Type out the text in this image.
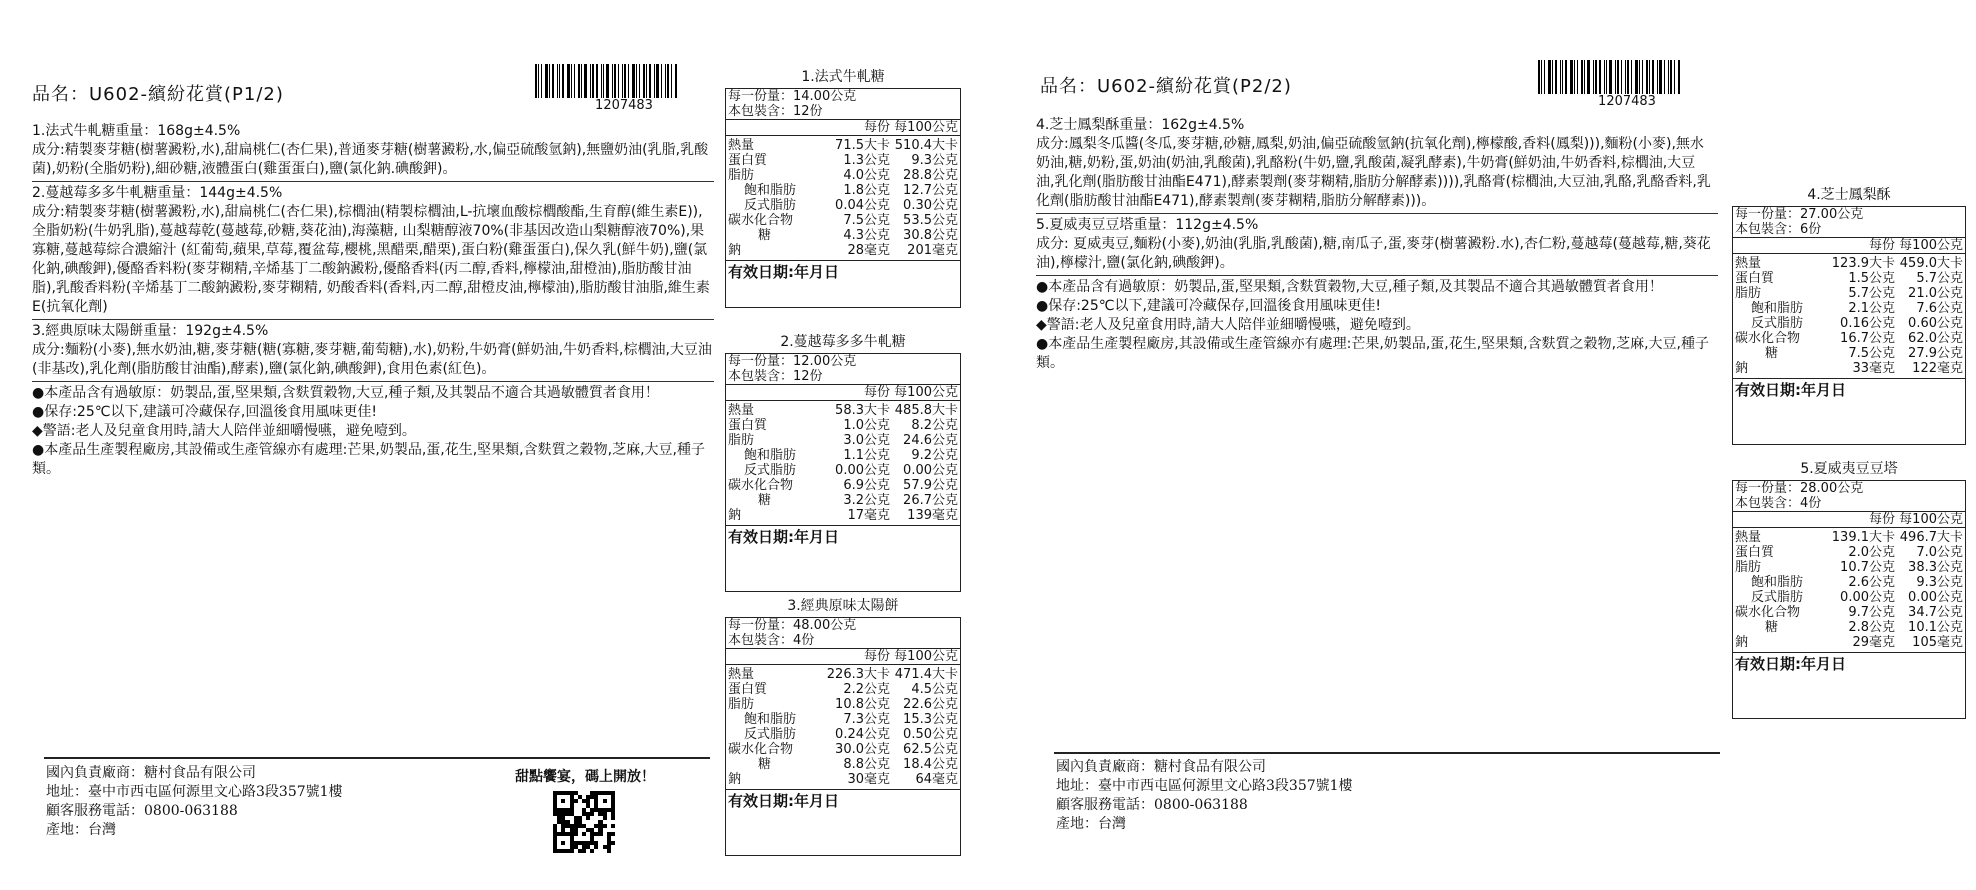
品名：U602-繽紛花賞(P1/2)
1207483
1.法式牛軋糖重量：168g±4.5%
成分:精製麥芽糖(樹薯澱粉,水),甜扁桃仁(杏仁果),普通麥芽糖(樹薯澱粉,水,偏亞硫酸氫鈉),無鹽奶油(乳脂,乳酸菌),奶粉(全脂奶粉),細砂糖,液體蛋白(雞蛋蛋白),鹽(氯化鈉.碘酸鉀)。
2.蔓越莓多多牛軋糖重量：144g±4.5%
成分:精製麥芽糖(樹薯澱粉,水),甜扁桃仁(杏仁果),棕櫚油(精製棕櫚油,L-抗壞血酸棕櫚酸酯,生育醇(維生素E)),全脂奶粉(牛奶乳脂),蔓越莓乾(蔓越莓,砂糖,葵花油),海藻糖, 山梨糖醇液70%(非基因改造山梨糖醇液70%),果寡糖,蔓越莓綜合濃縮汁 (紅葡萄,蘋果,草莓,覆盆莓,櫻桃,黑醋栗,醋栗),蛋白粉(雞蛋蛋白),保久乳(鮮牛奶),鹽(氯化鈉,碘酸鉀),優酪香料粉(麥芽糊精,辛烯基丁二酸鈉澱粉,優酪香料(丙二醇,香料,檸檬油,甜橙油),脂肪酸甘油脂),乳酸香料粉(辛烯基丁二酸鈉澱粉,麥芽糊精, 奶酸香料(香料,丙二醇,甜橙皮油,檸檬油),脂肪酸甘油脂,維生素E(抗氧化劑)
3.經典原味太陽餅重量：192g±4.5%
成分:麵粉(小麥),無水奶油,糖,麥芽糖(糖(寡糖,麥芽糖,葡萄糖),水),奶粉,牛奶膏(鮮奶油,牛奶香料,棕櫚油,大豆油(非基改),乳化劑(脂肪酸甘油酯),酵素),鹽(氯化鈉,碘酸鉀),食用色素(紅色)。
●本產品含有過敏原：奶製品,蛋,堅果類,含麩質穀物,大豆,種子類,及其製品不適合其過敏體質者食用！
●保存:25℃以下,建議可冷藏保存,回溫後食用風味更佳!
◆警語:老人及兒童食用時,請大人陪伴並細嚼慢嚥，避免噎到。
●本產品生產製程廠房,其設備或生產管線亦有處理:芒果,奶製品,蛋,花生,堅果類,含麩質之穀物,芝麻,大豆,種子類。
國內負責廠商：糖村食品有限公司
地址：臺中市西屯區何源里文心路3段357號1樓
顧客服務電話：0800-063188
產地：台灣
甜點饗宴，碼上開放！
品名：U602-繽紛花賞(P2/2)
1207483
4.芝士鳳梨酥重量：162g±4.5%
成分:鳳梨冬瓜醬(冬瓜,麥芽糖,砂糖,鳳梨,奶油,偏亞硫酸氫鈉(抗氧化劑),檸檬酸,香料(鳳梨))),麵粉(小麥),無水奶油,糖,奶粉,蛋,奶油(奶油,乳酸菌),乳酪粉(牛奶,鹽,乳酸菌,凝乳酵素),牛奶膏(鮮奶油,牛奶香料,棕櫚油,大豆油,乳化劑(脂肪酸甘油酯E471),酵素製劑(麥芽糊精,脂肪分解酵素)))),乳酪膏(棕櫚油,大豆油,乳酪,乳酪香料,乳化劑(脂肪酸甘油酯E471),酵素製劑(麥芽糊精,脂肪分解酵素)))。
5.夏威夷豆豆塔重量：112g±4.5%
成分: 夏威夷豆,麵粉(小麥),奶油(乳脂,乳酸菌),糖,南瓜子,蛋,麥芽(樹薯澱粉.水),杏仁粉,蔓越莓(蔓越莓,糖,葵花油),檸檬汁,鹽(氯化鈉,碘酸鉀)。
●本產品含有過敏原：奶製品,蛋,堅果類,含麩質穀物,大豆,種子類,及其製品不適合其過敏體質者食用！
●保存:25℃以下,建議可冷藏保存,回溫後食用風味更佳!
◆警語:老人及兒童食用時,請大人陪伴並細嚼慢嚥，避免噎到。
●本產品生產製程廠房,其設備或生產管線亦有處理:芒果,奶製品,蛋,花生,堅果類,含麩質之穀物,芝麻,大豆,種子類。
國內負責廠商：糖村食品有限公司
地址：臺中市西屯區何源里文心路3段357號1樓
顧客服務電話：0800-063188
產地：台灣
1.法式牛軋糖
每一份量：14.00公克
本包裝含：12份
每份 每100公克
熱量	71.5大卡 510.4大卡
蛋白質	1.3公克	9.3公克
脂肪	4.0公克	28.8公克
飽和脂肪	1.8公克	12.7公克
反式脂肪	0.04公克	0.30公克
碳水化合物	7.5公克	53.5公克
糖	4.3公克	30.8公克
鈉	28毫克	201毫克
有效日期:年月日
2.蔓越莓多多牛軋糖
每一份量：12.00公克
本包裝含：12份
每份 每100公克
熱量	58.3大卡 485.8大卡
蛋白質	1.0公克	8.2公克
脂肪	3.0公克	24.6公克
飽和脂肪	1.1公克	9.2公克
反式脂肪	0.00公克	0.00公克
碳水化合物	6.9公克	57.9公克
糖	3.2公克	26.7公克
鈉	17毫克	139毫克
有效日期:年月日
3.經典原味太陽餅
每一份量：48.00公克
本包裝含：4份
每份 每100公克
熱量	226.3大卡 471.4大卡
蛋白質	2.2公克	4.5公克
脂肪	10.8公克	22.6公克
飽和脂肪	7.3公克	15.3公克
反式脂肪	0.24公克	0.50公克
碳水化合物	30.0公克	62.5公克
糖	8.8公克	18.4公克
鈉	30毫克	64毫克
有效日期:年月日
4.芝士鳳梨酥
每一份量：27.00公克
本包裝含：6份
每份 每100公克
熱量	123.9大卡 459.0大卡
蛋白質	1.5公克	5.7公克
脂肪	5.7公克	21.0公克
飽和脂肪	2.1公克	7.6公克
反式脂肪	0.16公克	0.60公克
碳水化合物	16.7公克	62.0公克
糖	7.5公克	27.9公克
鈉	33毫克	122毫克
有效日期:年月日
5.夏威夷豆豆塔
每一份量：28.00公克
本包裝含：4份
每份 每100公克
熱量	139.1大卡 496.7大卡
蛋白質	2.0公克	7.0公克
脂肪	10.7公克	38.3公克
飽和脂肪	2.6公克	9.3公克
反式脂肪	0.00公克	0.00公克
碳水化合物	9.7公克	34.7公克
糖	2.8公克	10.1公克
鈉	29毫克	105毫克
有效日期:年月日
